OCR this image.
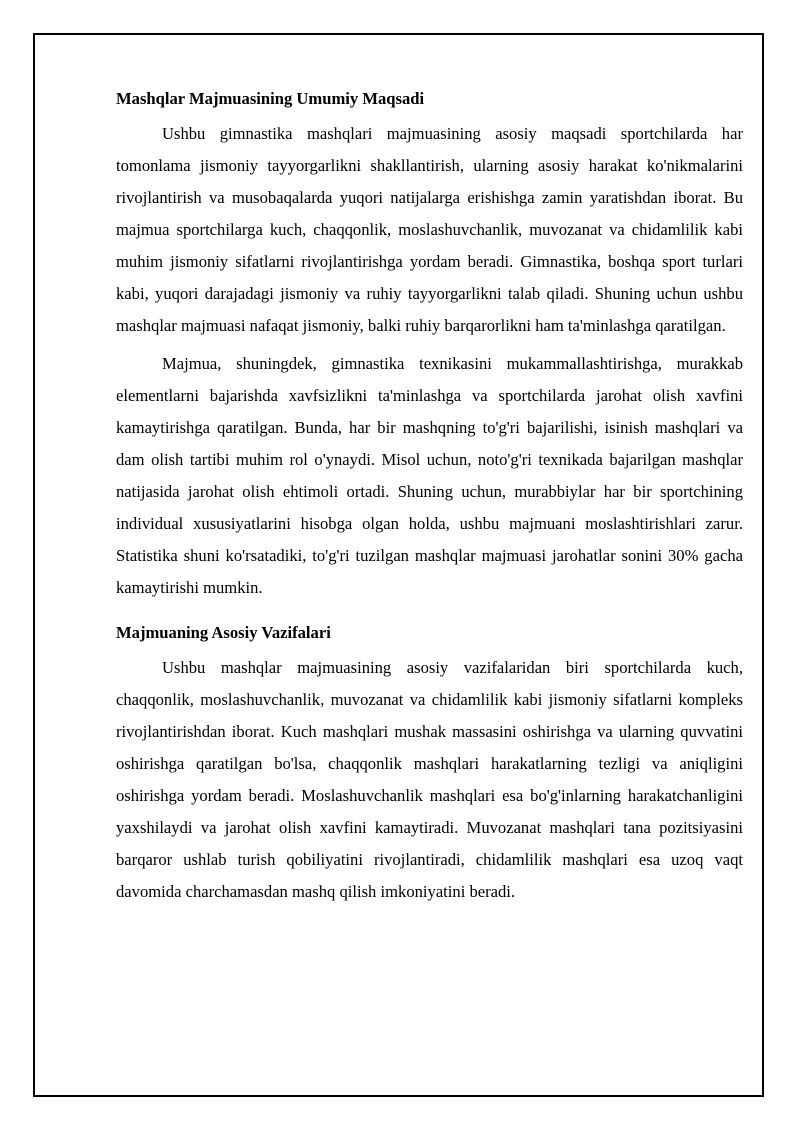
Mashqlar Majmuasining Umumiy Maqsadi

Ushbu gimnastika mashqlari majmuasining asosiy maqsadi sportchilarda har tomonlama jismoniy tayyorgarlikni shakllantirish, ularning asosiy harakat ko'nikmalarini rivojlantirish va musobaqalarda yuqori natijalarga erishishga zamin yaratishdan iborat. Bu majmua sportchilarga kuch, chaqqonlik, moslashuvchanlik, muvozanat va chidamlilik kabi muhim jismoniy sifatlarni rivojlantirishga yordam beradi. Gimnastika, boshqa sport turlari kabi, yuqori darajadagi jismoniy va ruhiy tayyorgarlikni talab qiladi. Shuning uchun ushbu mashqlar majmuasi nafaqat jismoniy, balki ruhiy barqarorlikni ham ta'minlashga qaratilgan.

Majmua, shuningdek, gimnastika texnikasini mukammallashtirishga, murakkab elementlarni bajarishda xavfsizlikni ta'minlashga va sportchilarda jarohat olish xavfini kamaytirishga qaratilgan. Bunda, har bir mashqning to'g'ri bajarilishi, isinish mashqlari va dam olish tartibi muhim rol o'ynaydi. Misol uchun, noto'g'ri texnikada bajarilgan mashqlar natijasida jarohat olish ehtimoli ortadi. Shuning uchun, murabbiylar har bir sportchining individual xususiyatlarini hisobga olgan holda, ushbu majmuani moslashtirishlari zarur. Statistika shuni ko'rsatadiki, to'g'ri tuzilgan mashqlar majmuasi jarohatlar sonini 30% gacha kamaytirishi mumkin.

Majmuaning Asosiy Vazifalari

Ushbu mashqlar majmuasining asosiy vazifalaridan biri sportchilarda kuch, chaqqonlik, moslashuvchanlik, muvozanat va chidamlilik kabi jismoniy sifatlarni kompleks rivojlantirishdan iborat. Kuch mashqlari mushak massasini oshirishga va ularning quvvatini oshirishga qaratilgan bo'lsa, chaqqonlik mashqlari harakatlarning tezligi va aniqligini oshirishga yordam beradi. Moslashuvchanlik mashqlari esa bo'g'inlarning harakatchanligini yaxshilaydi va jarohat olish xavfini kamaytiradi. Muvozanat mashqlari tana pozitsiyasini barqaror ushlab turish qobiliyatini rivojlantiradi, chidamlilik mashqlari esa uzoq vaqt davomida charchamasdan mashq qilish imkoniyatini beradi.
